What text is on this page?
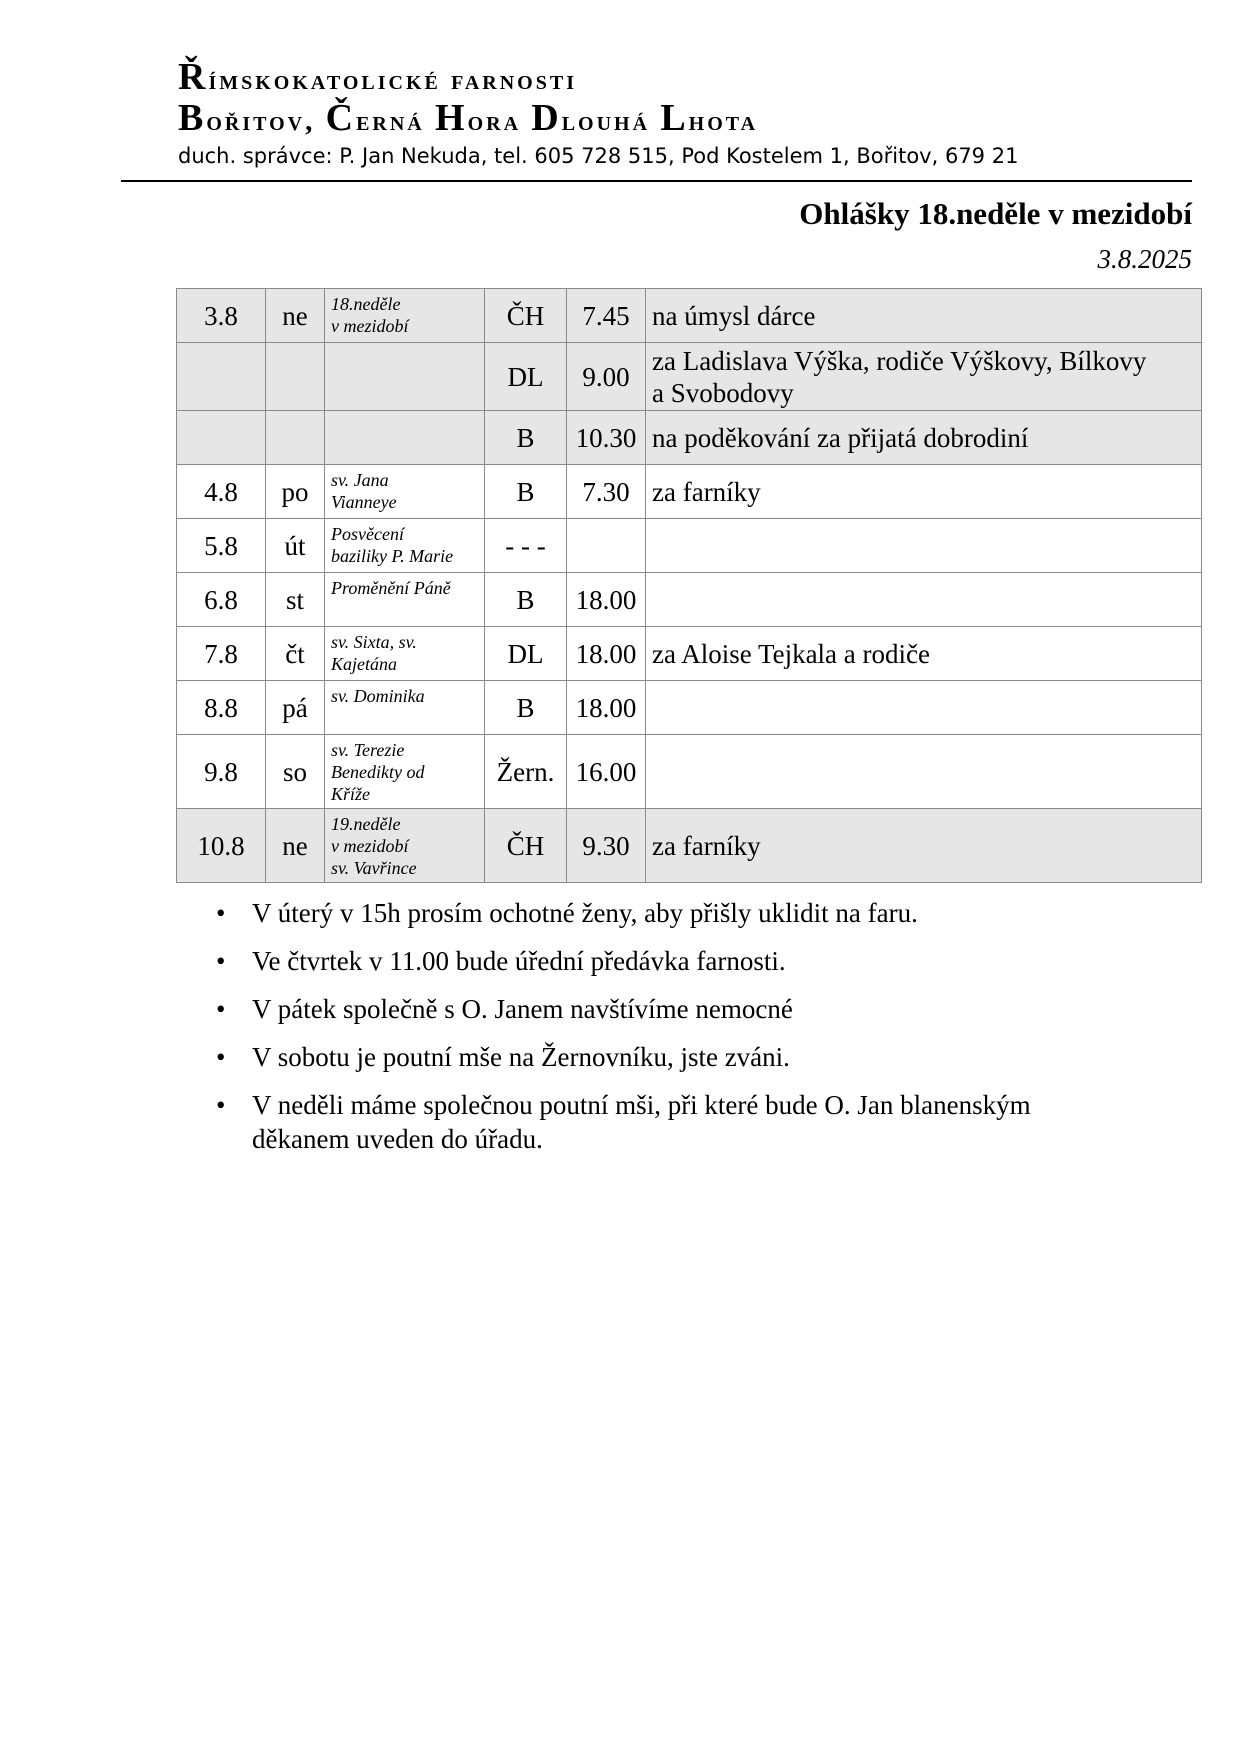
Římskokatolické farnosti
Bořitov, Černá Hora Dlouhá Lhota
duch. správce: P. Jan Nekuda, tel. 605 728 515, Pod Kostelem 1, Bořitov, 679 21
Ohlášky 18.neděle v mezidobí
3.8.2025
3.8	ne	18.neděle
v mezidobí	ČH	7.45	na úmysl dárce

			DL	9.00	za Ladislava Výška, rodiče Výškovy, Bílkovy
a Svobodovy

			B	10.30	na poděkování za přijatá dobrodiní

4.8	po	sv. Jana
Vianneye	B	7.30	za farníky

5.8	út	Posvěcení
baziliky P. Marie	- - -		
6.8	st	Proměnění Páně	B	18.00	
7.8	čt	sv. Sixta, sv.
Kajetána	DL	18.00	za Aloise Tejkala a rodiče

8.8	pá	sv. Dominika	B	18.00	
9.8	so	sv. Terezie
Benedikty od
Kříže	Žern.	16.00	
10.8	ne	19.neděle
v mezidobí
sv. Vavřince	ČH	9.30	za farníky
• V úterý v 15h prosím ochotné ženy, aby přišly uklidit na faru.
• Ve čtvrtek v 11.00 bude úřední předávka farnosti.
• V pátek společně s O. Janem navštívíme nemocné
• V sobotu je poutní mše na Žernovníku, jste zváni.
• V neděli máme společnou poutní mši, při které bude O. Jan blanenským
děkanem uveden do úřadu.
